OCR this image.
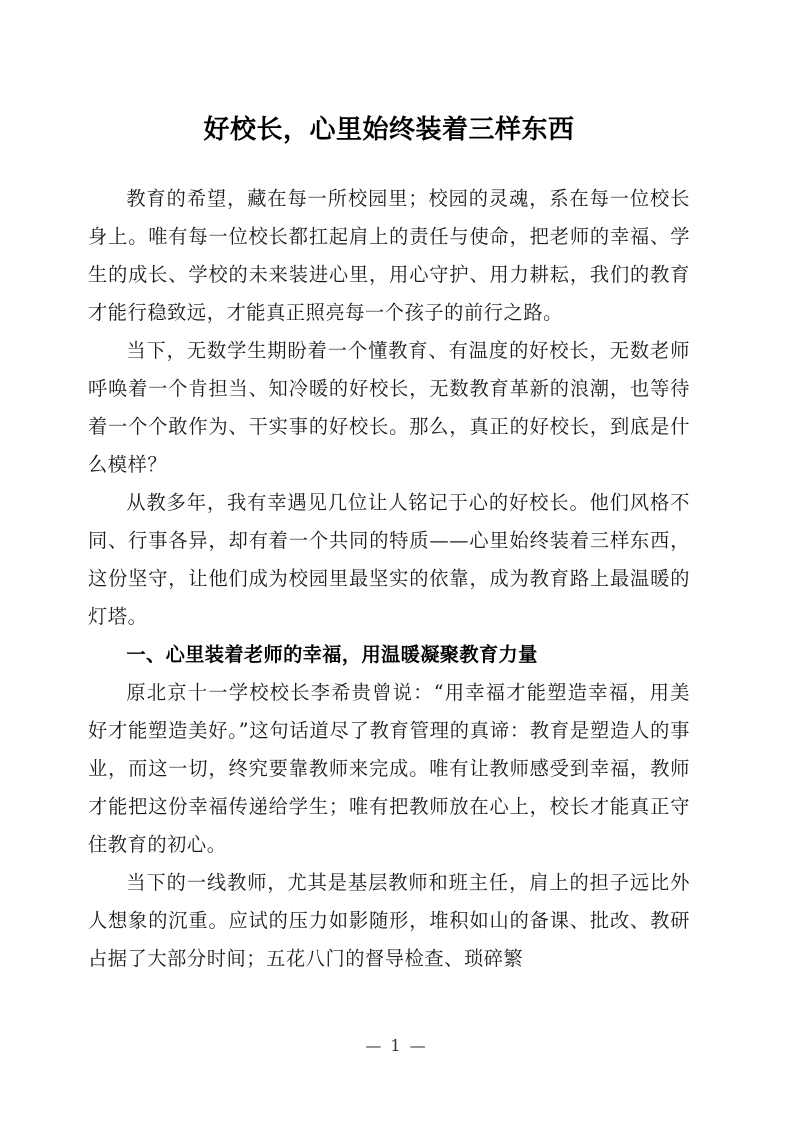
好校长，心里始终装着三样东西

教育的希望，藏在每一所校园里；校园的灵魂，系在每一位校长身上。唯有每一位校长都扛起肩上的责任与使命，把老师的幸福、学生的成长、学校的未来装进心里，用心守护、用力耕耘，我们的教育才能行稳致远，才能真正照亮每一个孩子的前行之路。

当下，无数学生期盼着一个懂教育、有温度的好校长，无数老师呼唤着一个肯担当、知冷暖的好校长，无数教育革新的浪潮，也等待着一个个敢作为、干实事的好校长。那么，真正的好校长，到底是什么模样？

从教多年，我有幸遇见几位让人铭记于心的好校长。他们风格不同、行事各异，却有着一个共同的特质——心里始终装着三样东西，这份坚守，让他们成为校园里最坚实的依靠，成为教育路上最温暖的灯塔。

一、心里装着老师的幸福，用温暖凝聚教育力量

原北京十一学校校长李希贵曾说：“用幸福才能塑造幸福，用美好才能塑造美好。”这句话道尽了教育管理的真谛：教育是塑造人的事业，而这一切，终究要靠教师来完成。唯有让教师感受到幸福，教师才能把这份幸福传递给学生；唯有把教师放在心上，校长才能真正守住教育的初心。

当下的一线教师，尤其是基层教师和班主任，肩上的担子远比外人想象的沉重。应试的压力如影随形，堆积如山的备课、批改、教研占据了大部分时间；五花八门的督导检查、琐碎繁

— 1 —
